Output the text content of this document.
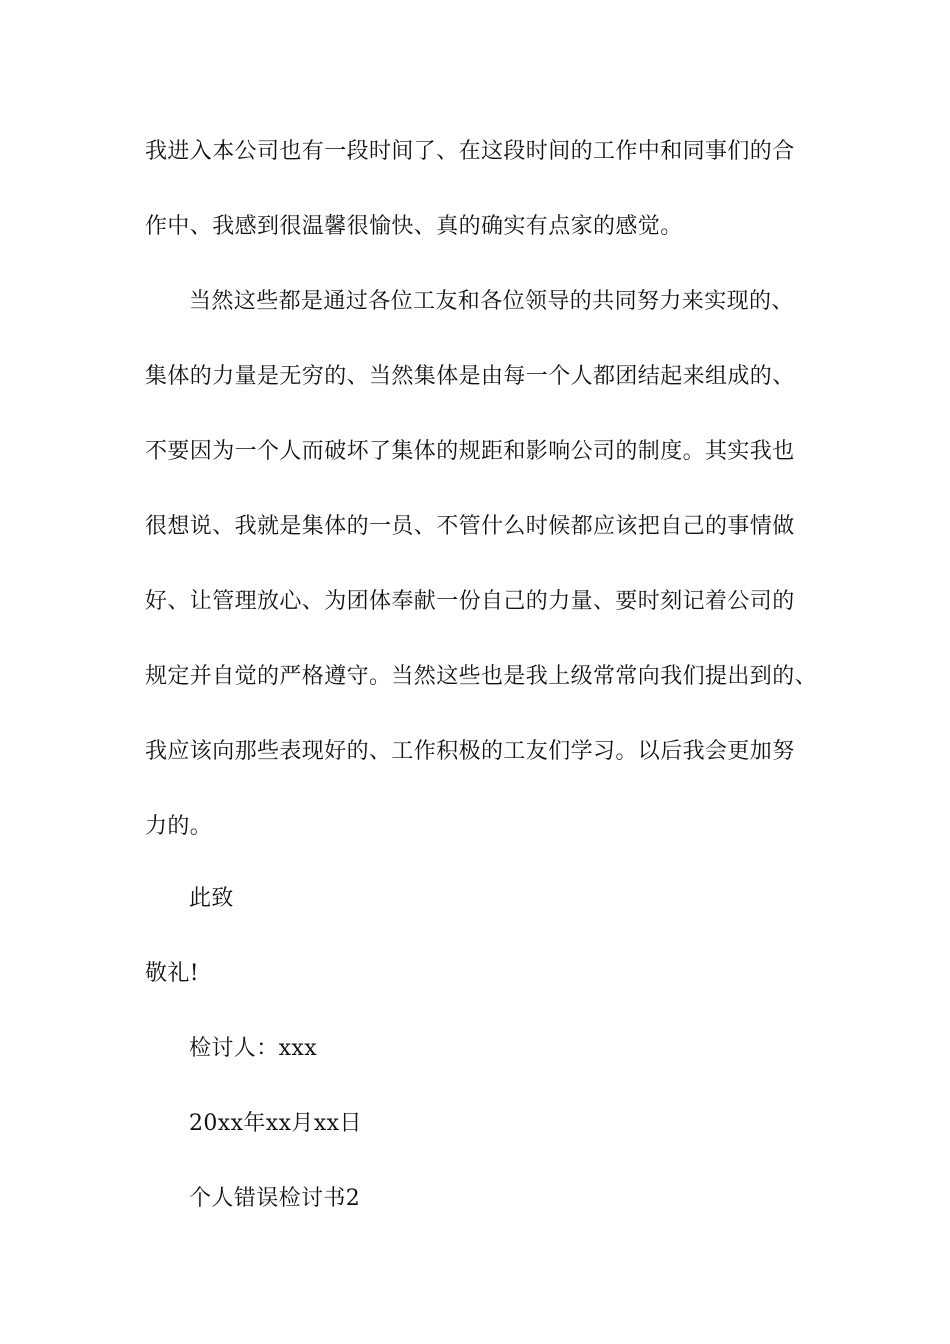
我进入本公司也有一段时间了、在这段时间的工作中和同事们的合
作中、我感到很温馨很愉快、真的确实有点家的感觉。
当然这些都是通过各位工友和各位领导的共同努力来实现的、
集体的力量是无穷的、当然集体是由每一个人都团结起来组成的、
不要因为一个人而破坏了集体的规距和影响公司的制度。其实我也
很想说、我就是集体的一员、不管什么时候都应该把自己的事情做
好、让管理放心、为团体奉献一份自己的力量、要时刻记着公司的
规定并自觉的严格遵守。当然这些也是我上级常常向我们提出到的、
我应该向那些表现好的、工作积极的工友们学习。以后我会更加努
力的。
此致
敬礼!
检讨人：xxx
20xx年xx月xx日
个人错误检讨书2
